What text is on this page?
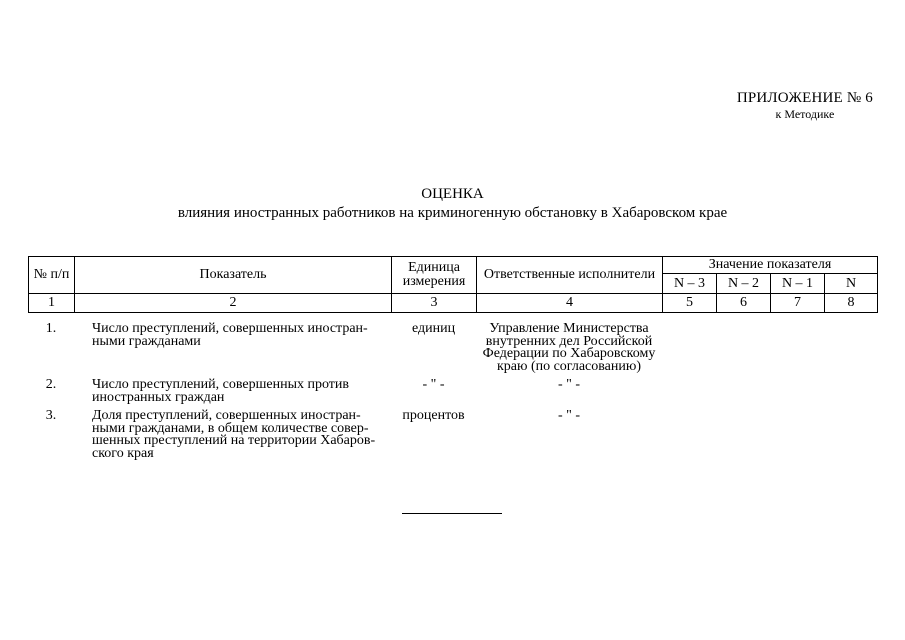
ПРИЛОЖЕНИЕ № 6
к Методике
ОЦЕНКА
влияния иностранных работников на криминогенную обстановку в Хабаровском крае
№ п/п	Показатель	Единица измерения	Ответственные исполнители	Значение показателя			
				N – 3	N – 2	N – 1	N
1	2	3	4	5	6	7	8
1.	Число преступлений, совершенных иностран-ными гражданами	единиц	Управление Министерства внутренних дел Российской Федерации по Хабаровскому краю (по согласованию)				
2.	Число преступлений, совершенных против иностранных граждан	- " -	- " -				
3.	Доля преступлений, совершенных иностран-ными гражданами, в общем количестве совер-шенных преступлений на территории Хабаров-ского края	процентов	- " -				
